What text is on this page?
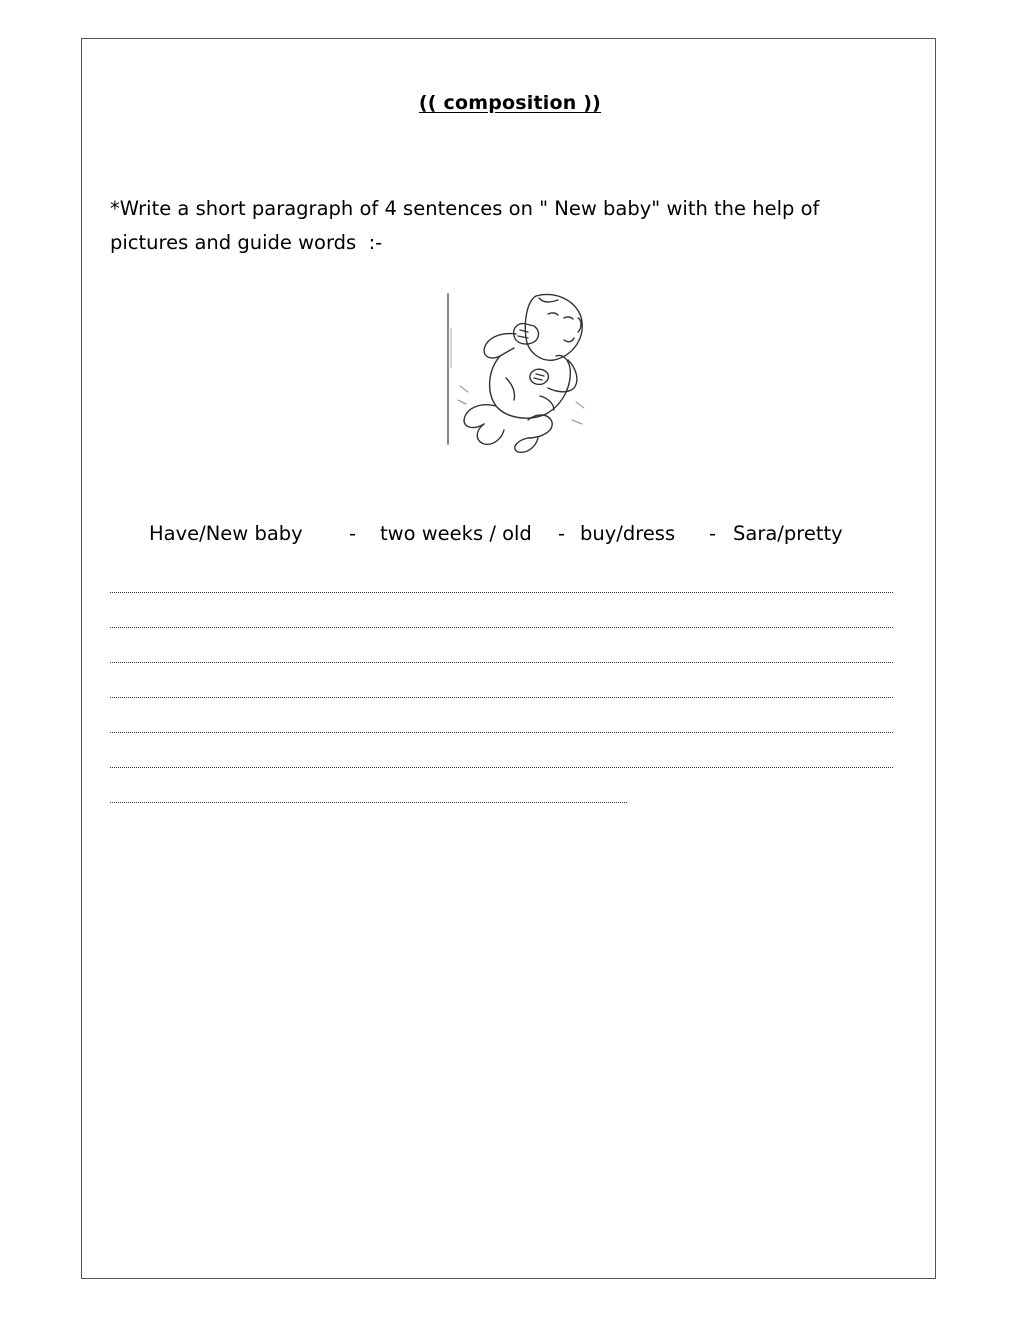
(( composition ))
*Write a short paragraph of 4 sentences on " New baby" with the help of
pictures and guide words  :-
Have/New baby - two weeks / old - buy/dress - Sara/pretty
